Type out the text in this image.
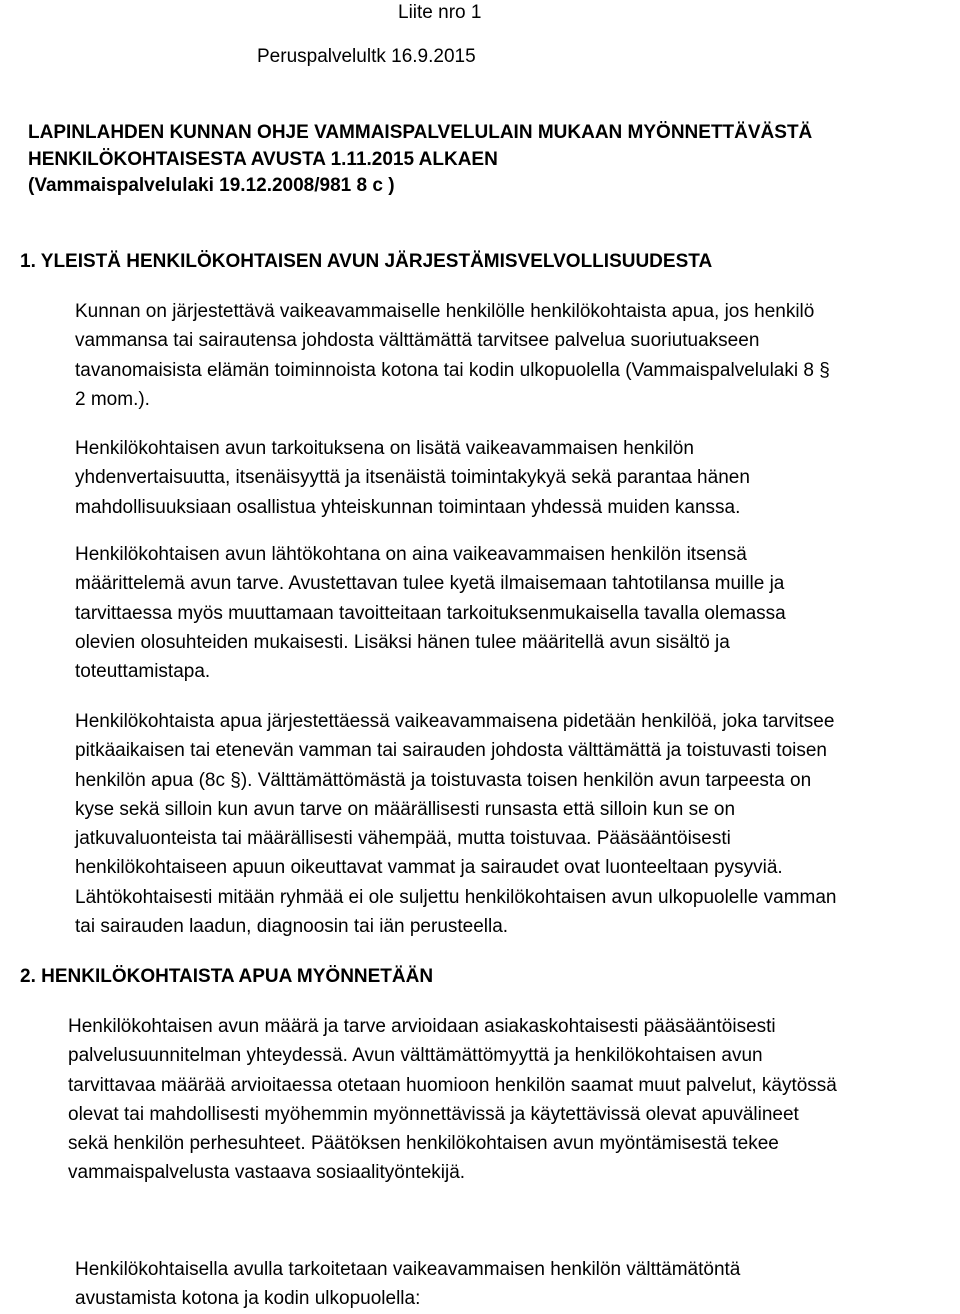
Liite nro 1

Peruspalvelultk 16.9.2015

LAPINLAHDEN KUNNAN OHJE VAMMAISPALVELULAIN MUKAAN MYÖNNETTÄVÄSTÄ
HENKILÖKOHTAISESTA AVUSTA 1.11.2015 ALKAEN
(Vammaispalvelulaki 19.12.2008/981 8 c )

1. YLEISTÄ HENKILÖKOHTAISEN AVUN JÄRJESTÄMISVELVOLLISUUDESTA

Kunnan on järjestettävä vaikeavammaiselle henkilölle henkilökohtaista apua, jos henkilö
vammansa tai sairautensa johdosta välttämättä tarvitsee palvelua suoriutuakseen
tavanomaisista elämän toiminnoista kotona tai kodin ulkopuolella (Vammaispalvelulaki 8 §
2 mom.).
Henkilökohtaisen avun tarkoituksena on lisätä vaikeavammaisen henkilön
yhdenvertaisuutta, itsenäisyyttä ja itsenäistä toimintakykyä sekä parantaa hänen
mahdollisuuksiaan osallistua yhteiskunnan toimintaan yhdessä muiden kanssa.
Henkilökohtaisen avun lähtökohtana on aina vaikeavammaisen henkilön itsensä
määrittelemä avun tarve. Avustettavan tulee kyetä ilmaisemaan tahtotilansa muille ja
tarvittaessa myös muuttamaan tavoitteitaan tarkoituksenmukaisella tavalla olemassa
olevien olosuhteiden mukaisesti. Lisäksi hänen tulee määritellä avun sisältö ja
toteuttamistapa.
Henkilökohtaista apua järjestettäessä vaikeavammaisena pidetään henkilöä, joka tarvitsee
pitkäaikaisen tai etenevän vamman tai sairauden johdosta välttämättä ja toistuvasti toisen
henkilön apua (8c §). Välttämättömästä ja toistuvasta toisen henkilön avun tarpeesta on
kyse sekä silloin kun avun tarve on määrällisesti runsasta että silloin kun se on
jatkuvaluonteista tai määrällisesti vähempää, mutta toistuvaa. Pääsääntöisesti
henkilökohtaiseen apuun oikeuttavat vammat ja sairaudet ovat luonteeltaan pysyviä.
Lähtökohtaisesti mitään ryhmää ei ole suljettu henkilökohtaisen avun ulkopuolelle vamman
tai sairauden laadun, diagnoosin tai iän perusteella.

2. HENKILÖKOHTAISTA APUA MYÖNNETÄÄN

Henkilökohtaisen avun määrä ja tarve arvioidaan asiakaskohtaisesti pääsääntöisesti
palvelusuunnitelman yhteydessä. Avun välttämättömyyttä ja henkilökohtaisen avun
tarvittavaa määrää arvioitaessa otetaan huomioon henkilön saamat muut palvelut, käytössä
olevat tai mahdollisesti myöhemmin myönnettävissä ja käytettävissä olevat apuvälineet
sekä henkilön perhesuhteet. Päätöksen henkilökohtaisen avun myöntämisestä tekee
vammaispalvelusta vastaava sosiaalityöntekijä.
Henkilökohtaisella avulla tarkoitetaan vaikeavammaisen henkilön välttämätöntä
avustamista kotona ja kodin ulkopuolella:
